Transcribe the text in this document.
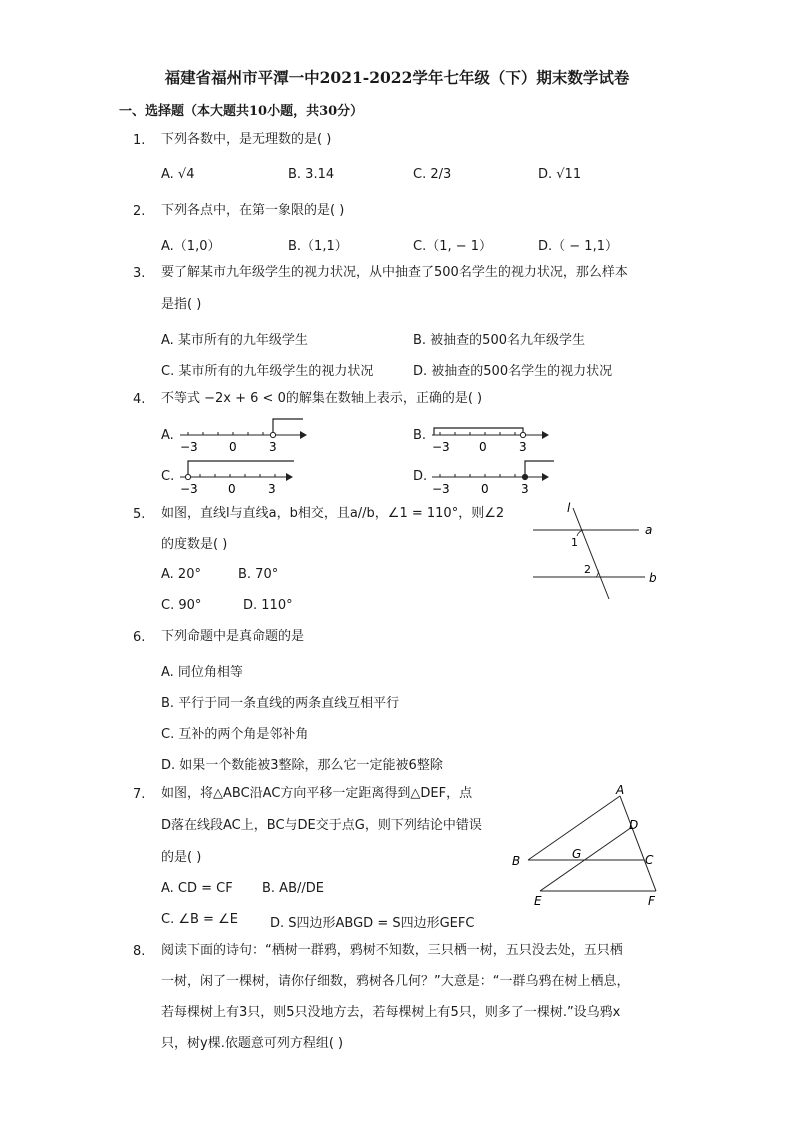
福建省福州市平潭一中2021-2022学年七年级（下）期末数学试卷
一、选择题（本大题共10小题，共30分）
1. 下列各数中，是无理数的是( )
A. √4	B. 3.14	C. 2/3	D. √11
2. 下列各点中，在第一象限的是( )
A.（1,0）	B.（1,1）	C.（1, − 1）	D.（ − 1,1）
3. 要了解某市九年级学生的视力状况，从中抽查了500名学生的视力状况，那么样本
是指( )
A. 某市所有的九年级学生	B. 被抽查的500名九年级学生
C. 某市所有的九年级学生的视力状况	D. 被抽查的500名学生的视力状况
4. 不等式 −2x + 6 < 0的解集在数轴上表示，正确的是( )
A.	B.
C.	D.
−3	0	3	−3 0	3
−3	0	3	−3	0	3
5. 如图，直线l与直线a，b相交，且a//b，∠1 = 110°，则∠2
的度数是( )
A. 20°	B. 70°
C. 90°	D. 110°
l
a
b
1
2
6. 下列命题中是真命题的是
A. 同位角相等
B. 平行于同一条直线的两条直线互相平行
C. 互补的两个角是邻补角
D. 如果一个数能被3整除，那么它一定能被6整除
7. 如图，将△ABC沿AC方向平移一定距离得到△DEF，点
D落在线段AC上，BC与DE交于点G，则下列结论中错误
的是( )
A. CD = CF B. AB//DE
C. ∠B = ∠E D. S四边形ABGD = S四边形GEFC
A
B	C
D
E	F
G
8. 阅读下面的诗句：“栖树一群鸦，鸦树不知数，三只栖一树，五只没去处，五只栖
一树，闲了一棵树，请你仔细数，鸦树各几何？”大意是：“一群乌鸦在树上栖息，
若每棵树上有3只，则5只没地方去，若每棵树上有5只，则多了一棵树.”设乌鸦x
只，树y棵.依题意可列方程组( )
